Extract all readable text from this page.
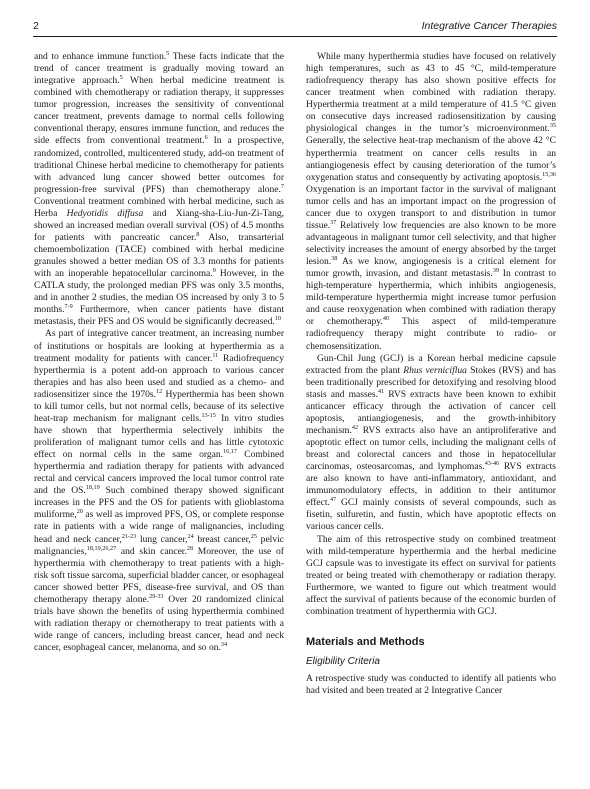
2	Integrative Cancer Therapies

and to enhance immune function.$^5$ These facts indicate that the trend of cancer treatment is gradually moving toward an integrative approach.$^5$ When herbal medicine treatment is combined with chemotherapy or radiation therapy, it suppresses tumor progression, increases the sensitivity of conventional cancer treatment, prevents damage to normal cells following conventional therapy, ensures immune function, and reduces the side effects from conventional treatment.$^6$ In a prospective, randomized, controlled, multicentered study, add-on treatment of traditional Chinese herbal medicine to chemotherapy for patients with advanced lung cancer showed better outcomes for progression-free survival (PFS) than chemotherapy alone.$^7$ Conventional treatment combined with herbal medicine, such as Herba Hedyotidis diffusa and Xiang-sha-Liu-Jun-Zi-Tang, showed an increased median overall survival (OS) of 4.5 months for patients with pancreatic cancer.$^8$ Also, transarterial chemoembolization (TACE) combined with herbal medicine granules showed a better median OS of 3.3 months for patients with an inoperable hepatocellular carcinoma.$^9$ However, in the CATLA study, the prolonged median PFS was only 3.5 months, and in another 2 studies, the median OS increased by only 3 to 5 months.$^{7-9}$ Furthermore, when cancer patients have distant metastasis, their PFS and OS would be significantly decreased.$^{10}$

As part of integrative cancer treatment, an increasing number of institutions or hospitals are looking at hyperthermia as a treatment modality for patients with cancer.$^{11}$ Radiofrequency hyperthermia is a potent add-on approach to various cancer therapies and has also been used and studied as a chemo- and radiosensitizer since the 1970s.$^{12}$ Hyperthermia has been shown to kill tumor cells, but not normal cells, because of its selective heat-trap mechanism for malignant cells.$^{13-15}$ In vitro studies have shown that hyperthermia selectively inhibits the proliferation of malignant tumor cells and has little cytotoxic effect on normal cells in the same organ.$^{16,17}$ Combined hyperthermia and radiation therapy for patients with advanced rectal and cervical cancers improved the local tumor control rate and the OS.$^{18,19}$ Such combined therapy showed significant increases in the PFS and the OS for patients with glioblastoma muliforme,$^{20}$ as well as improved PFS, OS, or complete response rate in patients with a wide range of malignancies, including head and neck cancer,$^{21-23}$ lung cancer,$^{24}$ breast cancer,$^{25}$ pelvic malignancies,$^{18,19,26,27}$ and skin cancer.$^{28}$ Moreover, the use of hyperthermia with chemotherapy to treat patients with a high-risk soft tissue sarcoma, superficial bladder cancer, or esophageal cancer showed better PFS, disease-free survival, and OS than chemotherapy therapy alone.$^{29-33}$ Over 20 randomized clinical trials have shown the benefits of using hyperthermia combined with radiation therapy or chemotherapy to treat patients with a wide range of cancers, including breast cancer, head and neck cancer, esophageal cancer, melanoma, and so on.$^{34}$

While many hyperthermia studies have focused on relatively high temperatures, such as 43 to 45 °C, mild-temperature radiofrequency therapy has also shown positive effects for cancer treatment when combined with radiation therapy. Hyperthermia treatment at a mild temperature of 41.5 °C given on consecutive days increased radiosensitization by causing physiological changes in the tumor’s microenvironment.$^{35}$ Generally, the selective heat-trap mechanism of the above 42 °C hyperthermia treatment on cancer cells results in an antiangiogenesis effect by causing deterioration of the tumor’s oxygenation status and consequently by activating apoptosis.$^{15,36}$ Oxygenation is an important factor in the survival of malignant tumor cells and has an important impact on the progression of cancer due to oxygen transport to and distribution in tumor tissue.$^{37}$ Relatively low frequencies are also known to be more advantageous in malignant tumor cell selectivity, and that higher selectivity increases the amount of energy absorbed by the target lesion.$^{38}$ As we know, angiogenesis is a critical element for tumor growth, invasion, and distant metastasis.$^{39}$ In contrast to high-temperature hyperthermia, which inhibits angiogenesis, mild-temperature hyperthermia might increase tumor perfusion and cause reoxygenation when combined with radiation therapy or chemotherapy.$^{40}$ This aspect of mild-temperature radiofrequency therapy might contribute to radio- or chemosensitization.

Gun-Chil Jung (GCJ) is a Korean herbal medicine capsule extracted from the plant Rhus verniciflua Stokes (RVS) and has been traditionally prescribed for detoxifying and resolving blood stasis and masses.$^{41}$ RVS extracts have been known to exhibit anticancer efficacy through the activation of cancer cell apoptosis, antiangiogenesis, and the growth-inhibitory mechanism.$^{42}$ RVS extracts also have an antiproliferative and apoptotic effect on tumor cells, including the malignant cells of breast and colorectal cancers and those in hepatocellular carcinomas, osteosarcomas, and lymphomas.$^{43-46}$ RVS extracts are also known to have anti-inflammatory, antioxidant, and immunomodulatory effects, in addition to their antitumor effect.$^{47}$ GCJ mainly consists of several compounds, such as fisetin, sulfuretin, and fustin, which have apoptotic effects on various cancer cells.

The aim of this retrospective study on combined treatment with mild-temperature hyperthermia and the herbal medicine GCJ capsule was to investigate its effect on survival for patients treated or being treated with chemotherapy or radiation therapy. Furthermore, we wanted to figure out which treatment would affect the survival of patients because of the economic burden of combination treatment of hyperthermia with GCJ.

Materials and Methods
Eligibility Criteria

A retrospective study was conducted to identify all patients who had visited and been treated at 2 Integrative Cancer
